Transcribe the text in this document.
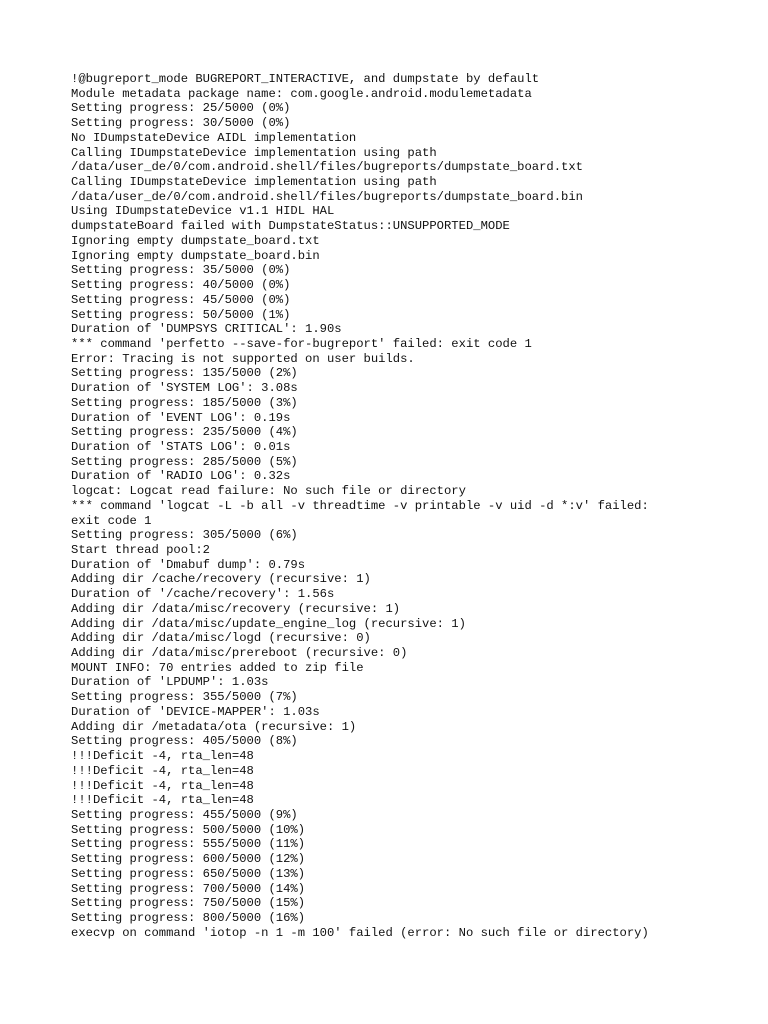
!@bugreport_mode BUGREPORT_INTERACTIVE, and dumpstate by default
Module metadata package name: com.google.android.modulemetadata
Setting progress: 25/5000 (0%)
Setting progress: 30/5000 (0%)
No IDumpstateDevice AIDL implementation
Calling IDumpstateDevice implementation using path
/data/user_de/0/com.android.shell/files/bugreports/dumpstate_board.txt
Calling IDumpstateDevice implementation using path
/data/user_de/0/com.android.shell/files/bugreports/dumpstate_board.bin
Using IDumpstateDevice v1.1 HIDL HAL
dumpstateBoard failed with DumpstateStatus::UNSUPPORTED_MODE
Ignoring empty dumpstate_board.txt
Ignoring empty dumpstate_board.bin
Setting progress: 35/5000 (0%)
Setting progress: 40/5000 (0%)
Setting progress: 45/5000 (0%)
Setting progress: 50/5000 (1%)
Duration of 'DUMPSYS CRITICAL': 1.90s
*** command 'perfetto --save-for-bugreport' failed: exit code 1
Error: Tracing is not supported on user builds.
Setting progress: 135/5000 (2%)
Duration of 'SYSTEM LOG': 3.08s
Setting progress: 185/5000 (3%)
Duration of 'EVENT LOG': 0.19s
Setting progress: 235/5000 (4%)
Duration of 'STATS LOG': 0.01s
Setting progress: 285/5000 (5%)
Duration of 'RADIO LOG': 0.32s
logcat: Logcat read failure: No such file or directory
*** command 'logcat -L -b all -v threadtime -v printable -v uid -d *:v' failed:
exit code 1
Setting progress: 305/5000 (6%)
Start thread pool:2
Duration of 'Dmabuf dump': 0.79s
Adding dir /cache/recovery (recursive: 1)
Duration of '/cache/recovery': 1.56s
Adding dir /data/misc/recovery (recursive: 1)
Adding dir /data/misc/update_engine_log (recursive: 1)
Adding dir /data/misc/logd (recursive: 0)
Adding dir /data/misc/prereboot (recursive: 0)
MOUNT INFO: 70 entries added to zip file
Duration of 'LPDUMP': 1.03s
Setting progress: 355/5000 (7%)
Duration of 'DEVICE-MAPPER': 1.03s
Adding dir /metadata/ota (recursive: 1)
Setting progress: 405/5000 (8%)
!!!Deficit -4, rta_len=48
!!!Deficit -4, rta_len=48
!!!Deficit -4, rta_len=48
!!!Deficit -4, rta_len=48
Setting progress: 455/5000 (9%)
Setting progress: 500/5000 (10%)
Setting progress: 555/5000 (11%)
Setting progress: 600/5000 (12%)
Setting progress: 650/5000 (13%)
Setting progress: 700/5000 (14%)
Setting progress: 750/5000 (15%)
Setting progress: 800/5000 (16%)
execvp on command 'iotop -n 1 -m 100' failed (error: No such file or directory)
